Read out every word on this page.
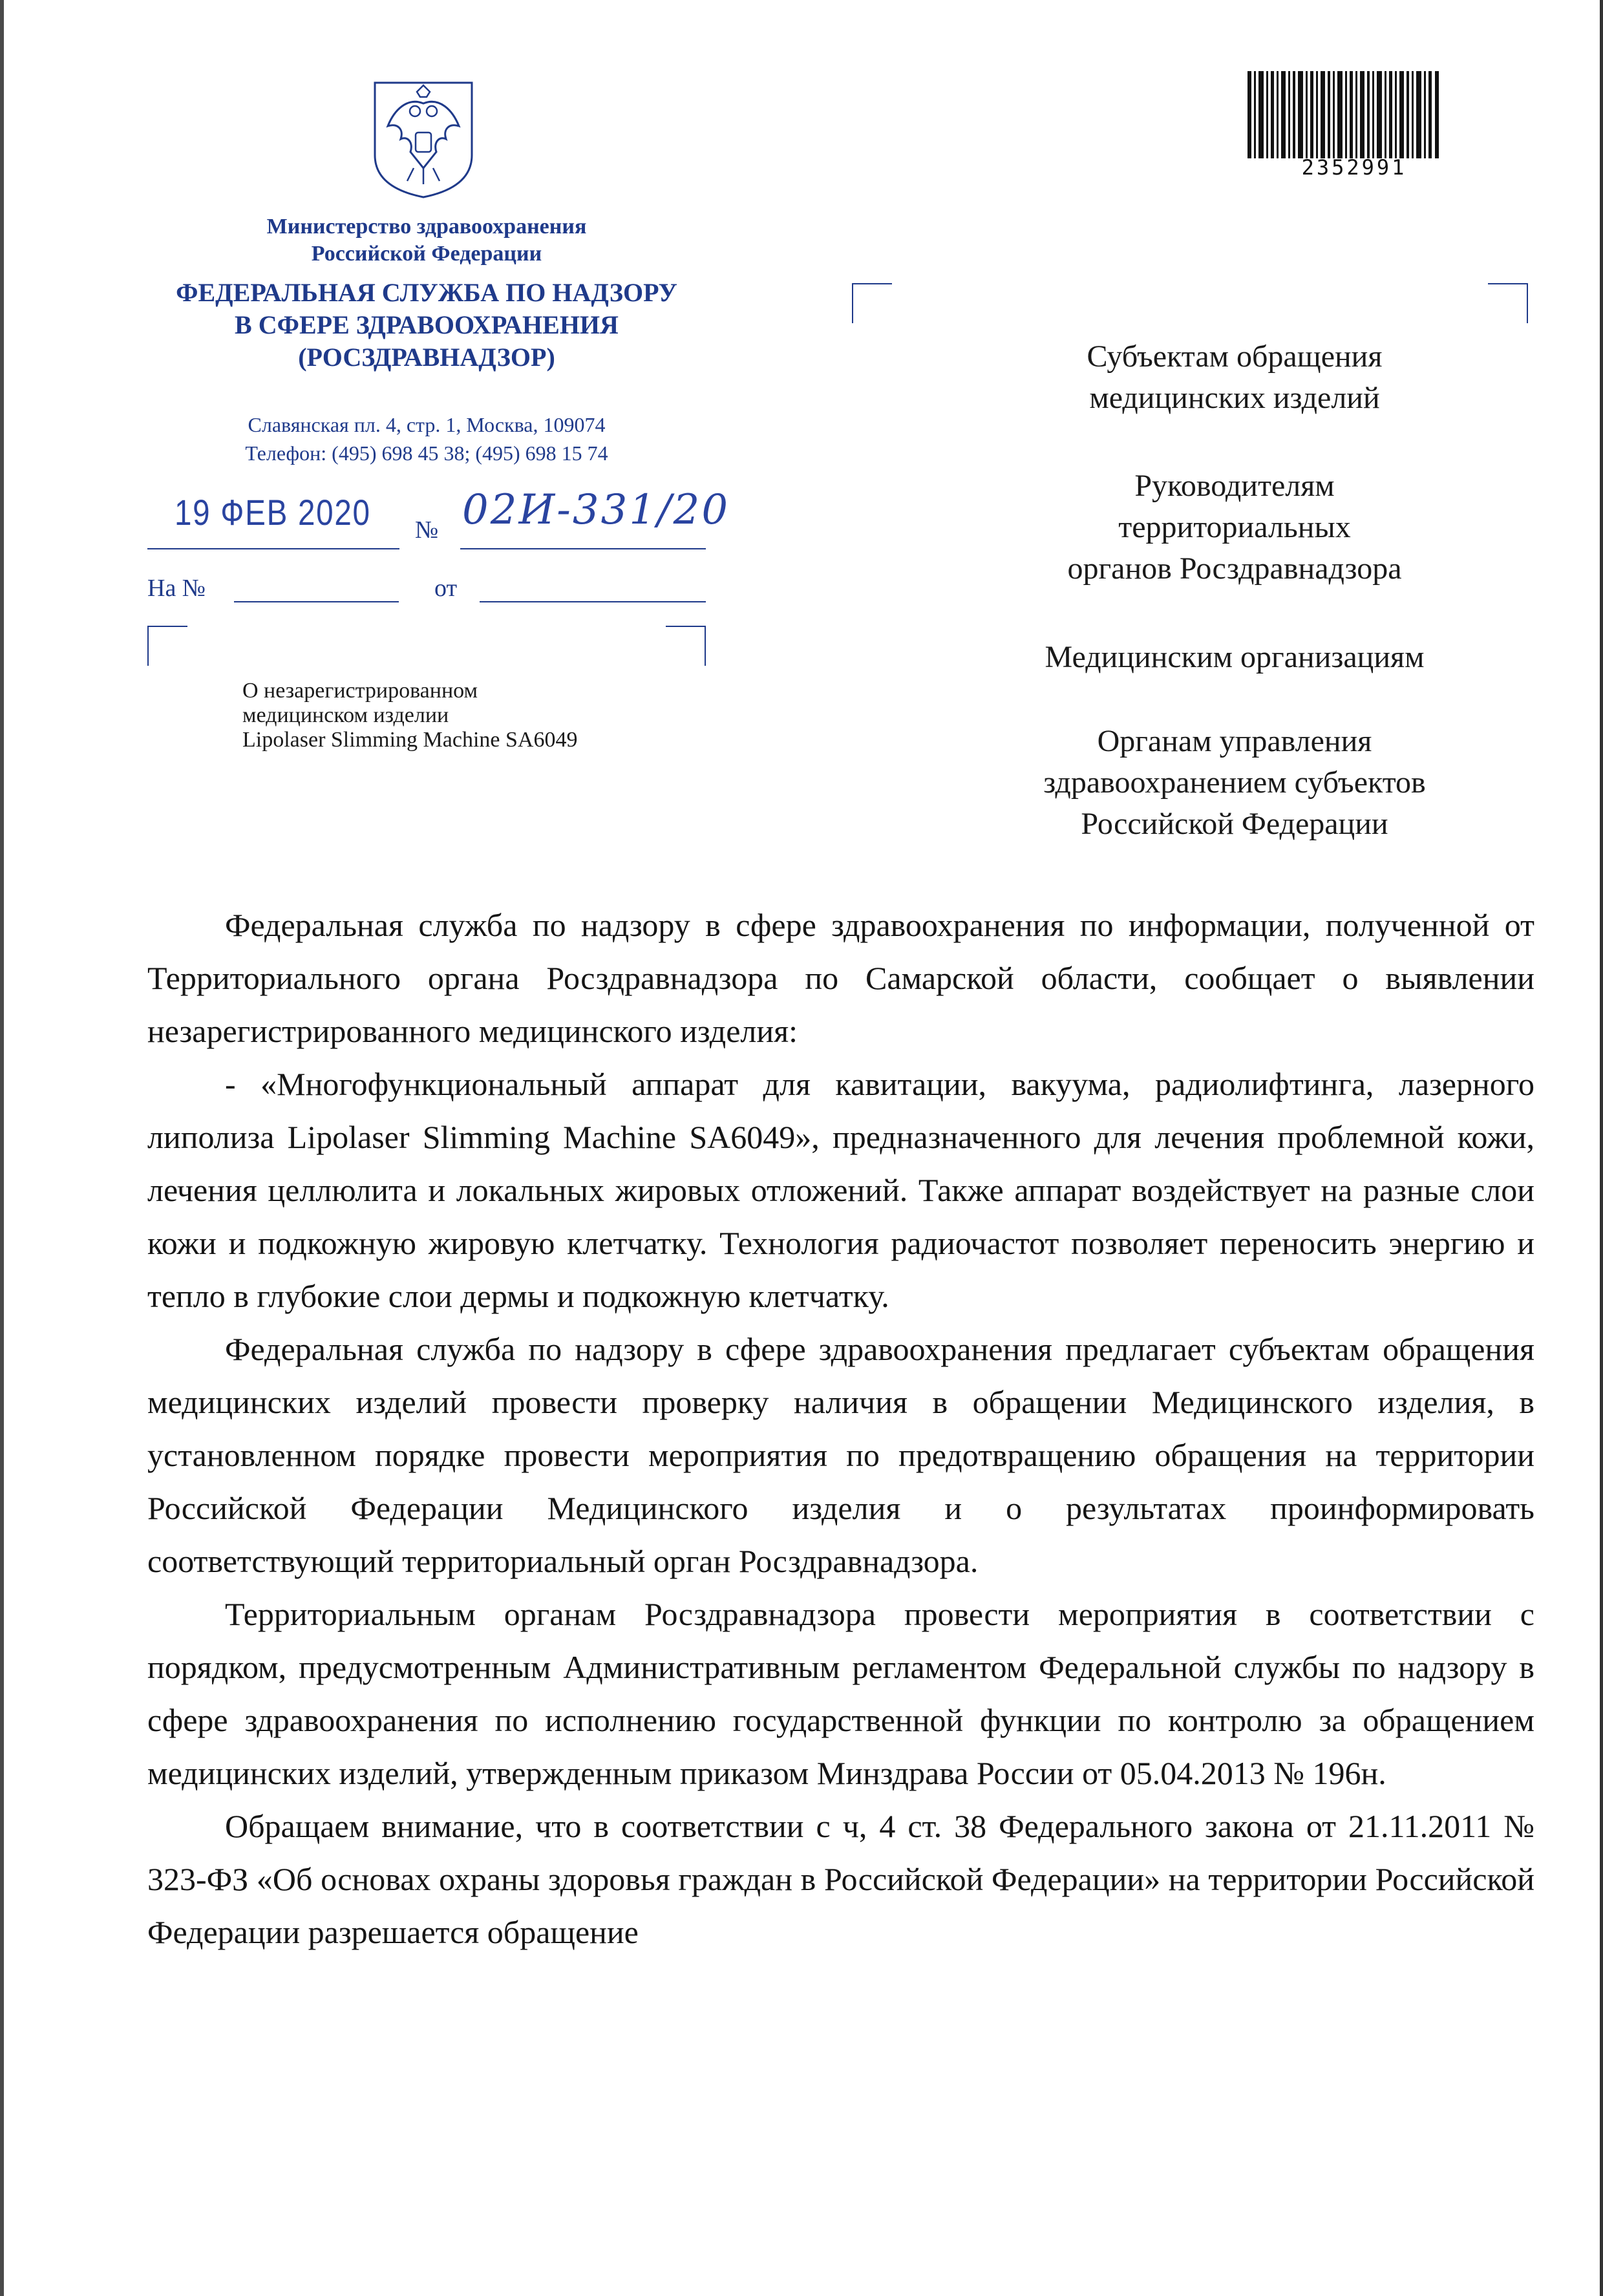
Министерство здравоохранения
Российской Федерации
ФЕДЕРАЛЬНАЯ СЛУЖБА ПО НАДЗОРУ
В СФЕРЕ ЗДРАВООХРАНЕНИЯ
(РОСЗДРАВНАДЗОР)
Славянская пл. 4, стр. 1, Москва, 109074
Телефон: (495) 698 45 38; (495) 698 15 74
19 ФЕВ 2020 № 02И-331/20
На №	от
О незарегистрированном
медицинском изделии
Lipolaser Slimming Machine SA6049
2352991
Субъектам обращения
медицинских изделий
Руководителям
территориальных
органов Росздравнадзора
Медицинским организациям
Органам управления
здравоохранением субъектов
Российской Федерации

Федеральная служба по надзору в сфере здравоохранения по информации, полученной от Территориального органа Росздравнадзора по Самарской области, сообщает о выявлении незарегистрированного медицинского изделия:

- «Многофункциональный аппарат для кавитации, вакуума, радиолифтинга, лазерного липолиза Lipolaser Slimming Machine SA6049», предназначенного для лечения проблемной кожи, лечения целлюлита и локальных жировых отложений. Также аппарат воздействует на разные слои кожи и подкожную жировую клетчатку. Технология радиочастот позволяет переносить энергию и тепло в глубокие слои дермы и подкожную клетчатку.

Федеральная служба по надзору в сфере здравоохранения предлагает субъектам обращения медицинских изделий провести проверку наличия в обращении Медицинского изделия, в установленном порядке провести мероприятия по предотвращению обращения на территории Российской Федерации Медицинского изделия и о результатах проинформировать соответствующий территориальный орган Росздравнадзора.

Территориальным органам Росздравнадзора провести мероприятия в соответствии с порядком, предусмотренным Административным регламентом Федеральной службы по надзору в сфере здравоохранения по исполнению государственной функции по контролю за обращением медицинских изделий, утвержденным приказом Минздрава России от 05.04.2013 № 196н.

Обращаем внимание, что в соответствии с ч, 4 ст. 38 Федерального закона от 21.11.2011 № 323-ФЗ «Об основах охраны здоровья граждан в Российской Федерации» на территории Российской Федерации разрешается обращение
